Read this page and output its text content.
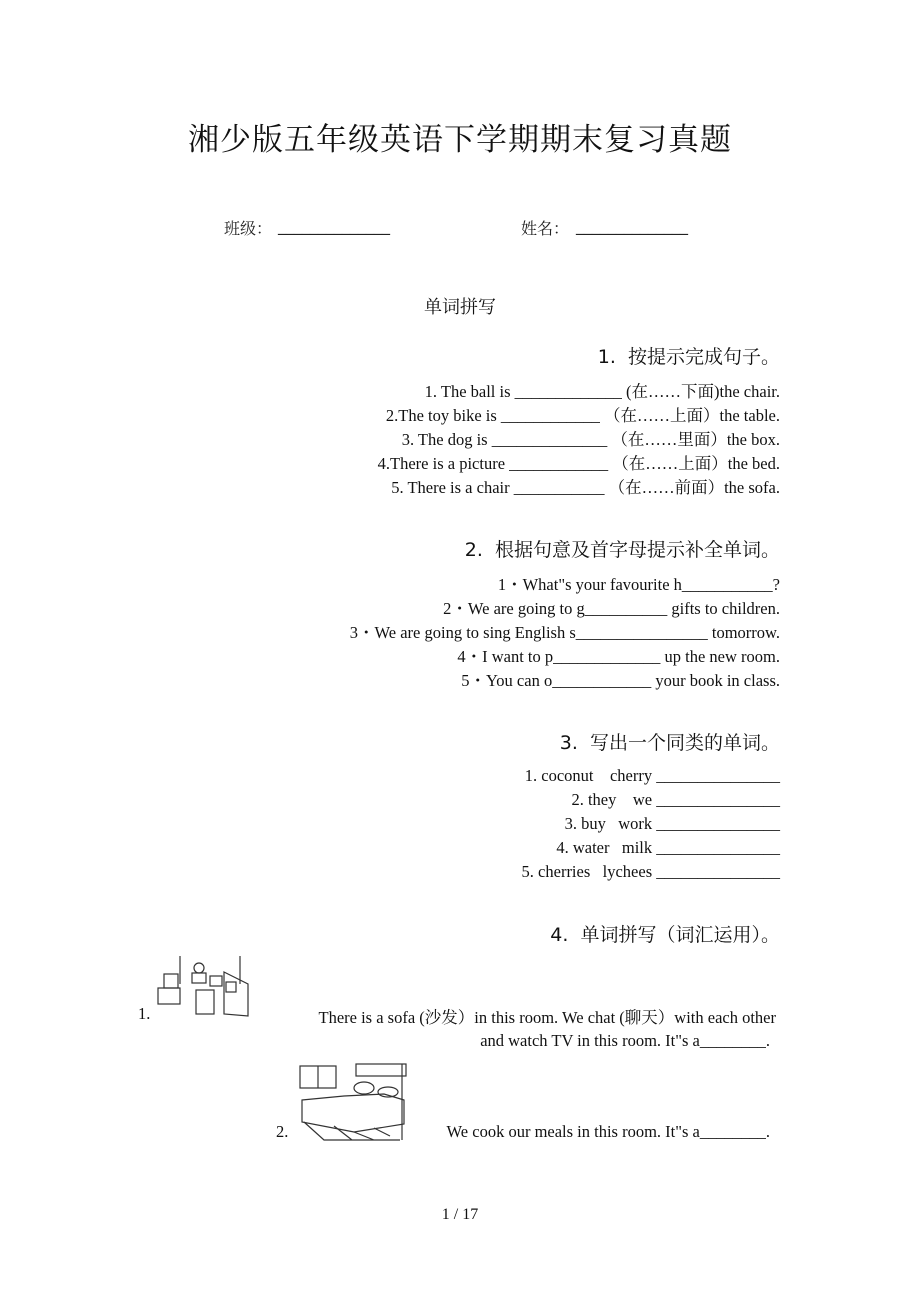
湘少版五年级英语下学期期末复习真题
班级： ______________	姓名： ______________
单词拼写
1.  按提示完成句子。
1. The ball is _____________ (在……下面)the chair.
2.The toy bike is ____________ （在……上面）the table.
3. The dog is ______________ （在……里面）the box.
4.There is a picture ____________ （在……上面）the bed.
5. There is a chair ___________ （在……前面）the sofa.
2.  根据句意及首字母提示补全单词。
1・What"s your favourite h___________?
2・We are going to g__________ gifts to children.
3・We are going to sing English s________________ tomorrow.
4・I want to p_____________ up the new room.
5・You can o____________ your book in class.
3.  写出一个同类的单词。
1. coconut    cherry _______________
2. they    we _______________
3. buy   work _______________
4. water   milk _______________
5. cherries   lychees _______________
4.  单词拼写（词汇运用）。
1.	There is a sofa (沙发）in this room. We chat (聊天）with each other
and watch TV in this room. It"s a________.
2.	We cook our meals in this room. It"s a________.
1 / 17
